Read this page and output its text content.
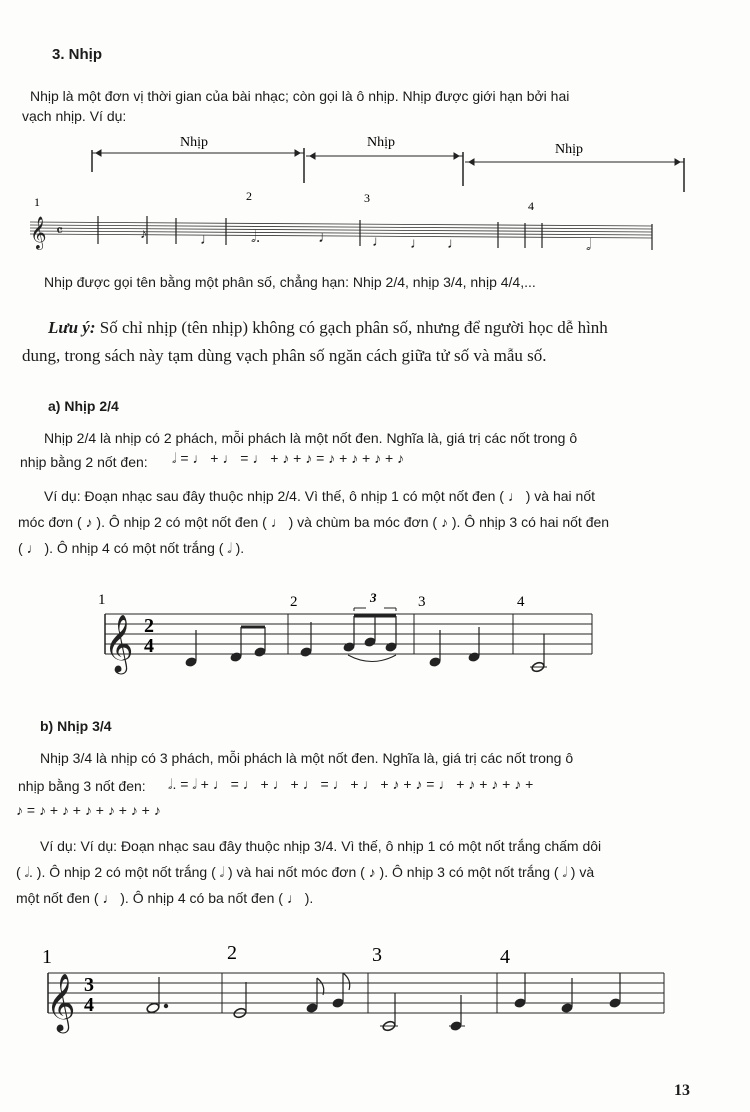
3. Nhịp
Nhịp là một đơn vị thời gian của bài nhạc; còn gọi là ô nhịp. Nhịp được giới hạn bởi hai
vạch nhịp. Ví dụ:
Nhịp	Nhịp	Nhịp
1	2	3
4
𝄞 𝄴	♪	♩ 𝅗𝅥.	♩	♩ ♩ ♩	𝅗𝅥
Nhịp được gọi tên bằng một phân số, chẳng hạn: Nhịp 2/4, nhịp 3/4, nhịp 4/4,...
Lưu ý: Số chỉ nhịp (tên nhịp) không có gạch phân số, nhưng để người học dễ hình
dung, trong sách này tạm dùng vạch phân số ngăn cách giữa tử số và mẫu số.
a) Nhịp 2/4
Nhịp 2/4 là nhịp có 2 phách, mỗi phách là một nốt đen. Nghĩa là, giá trị các nốt trong ô
nhịp bằng 2 nốt đen: 𝅗𝅥 = ♩ + ♩ = ♩ + ♪ + ♪ = ♪ + ♪ + ♪ + ♪
Ví dụ: Đoạn nhạc sau đây thuộc nhịp 2/4. Vì thế, ô nhịp 1 có một nốt đen ( ♩ ) và hai nốt
móc đơn ( ♪ ). Ô nhịp 2 có một nốt đen ( ♩ ) và chùm ba móc đơn ( ♪ ). Ô nhịp 3 có hai nốt đen
( ♩ ). Ô nhịp 4 có một nốt trắng ( 𝅗𝅥 ).
1	2	3	4
3
𝄞 2
4
b) Nhịp 3/4
Nhịp 3/4 là nhịp có 3 phách, mỗi phách là một nốt đen. Nghĩa là, giá trị các nốt trong ô
nhịp bằng 3 nốt đen: 𝅗𝅥. = 𝅗𝅥 + ♩ = ♩ + ♩ + ♩ = ♩ + ♩ + ♪ + ♪ = ♩ + ♪ + ♪ + ♪ +
♪ = ♪ + ♪ + ♪ + ♪ + ♪ + ♪
Ví dụ: Ví dụ: Đoạn nhạc sau đây thuộc nhịp 3/4. Vì thế, ô nhịp 1 có một nốt trắng chấm dôi
( 𝅗𝅥. ). Ô nhịp 2 có một nốt trắng ( 𝅗𝅥 ) và hai nốt móc đơn ( ♪ ). Ô nhịp 3 có một nốt trắng ( 𝅗𝅥 ) và
một nốt đen ( ♩ ). Ô nhịp 4 có ba nốt đen ( ♩ ).
1	2	3	4
𝄞 3
4
13
